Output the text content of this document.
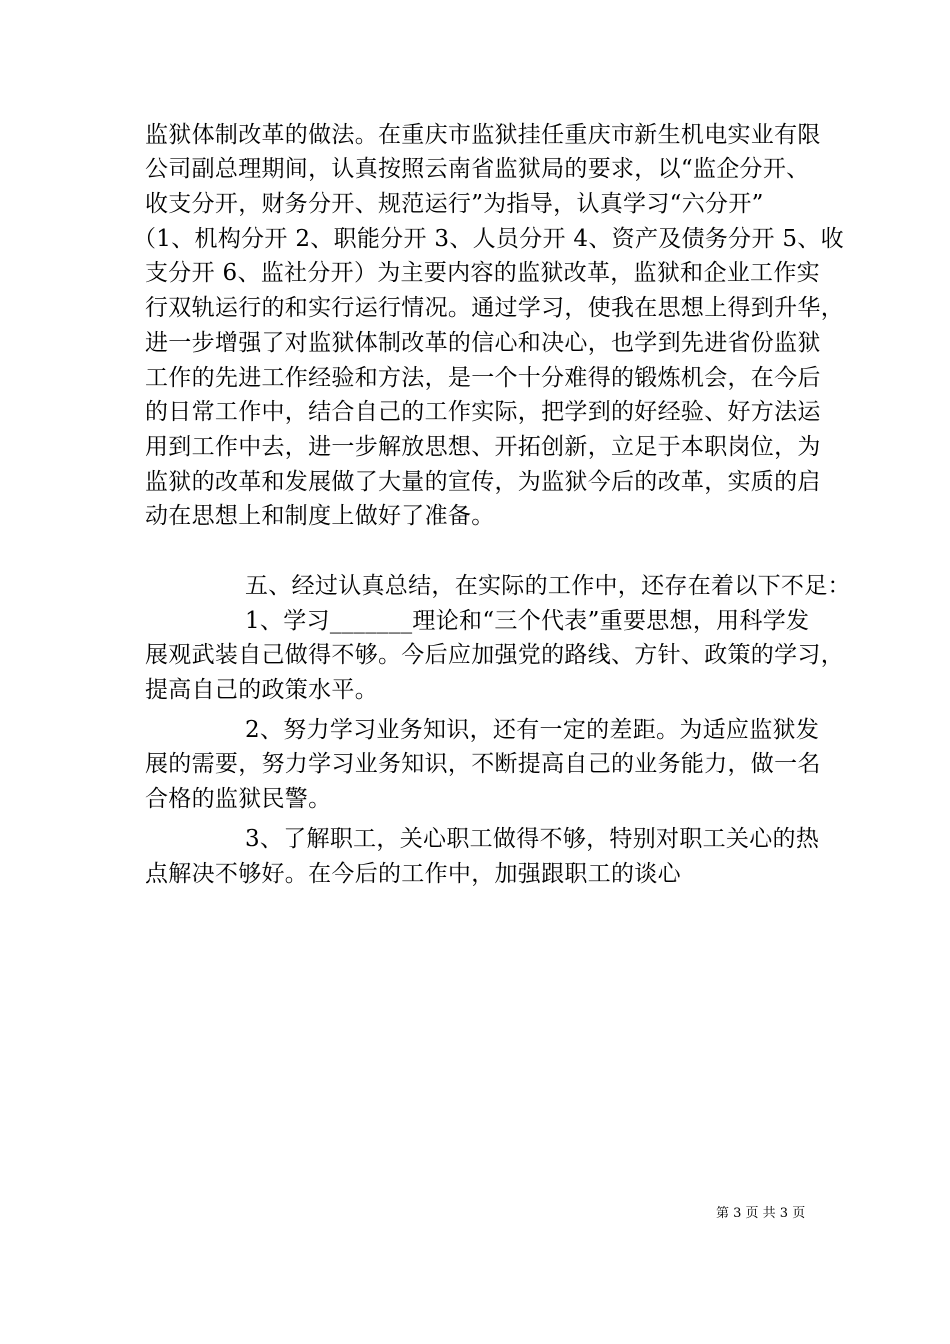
监狱体制改革的做法。在重庆市监狱挂任重庆市新生机电实业有限
公司副总理期间，认真按照云南省监狱局的要求，以“监企分开、
收支分开，财务分开、规范运行”为指导，认真学习“六分开”
（1、机构分开 2、职能分开 3、人员分开 4、资产及债务分开 5、收
支分开 6、监社分开）为主要内容的监狱改革，监狱和企业工作实
行双轨运行的和实行运行情况。通过学习，使我在思想上得到升华，
进一步增强了对监狱体制改革的信心和决心，也学到先进省份监狱
工作的先进工作经验和方法，是一个十分难得的锻炼机会，在今后
的日常工作中，结合自己的工作实际，把学到的好经验、好方法运
用到工作中去，进一步解放思想、开拓创新，立足于本职岗位，为
监狱的改革和发展做了大量的宣传，为监狱今后的改革，实质的启
动在思想上和制度上做好了准备。
五、经过认真总结，在实际的工作中，还存在着以下不足：
1、学习_______理论和“三个代表”重要思想，用科学发
展观武装自己做得不够。今后应加强党的路线、方针、政策的学习，
提高自己的政策水平。
2、努力学习业务知识，还有一定的差距。为适应监狱发
展的需要，努力学习业务知识，不断提高自己的业务能力，做一名
合格的监狱民警。
3、了解职工，关心职工做得不够，特别对职工关心的热
点解决不够好。在今后的工作中，加强跟职工的谈心
第 3 页 共 3 页
